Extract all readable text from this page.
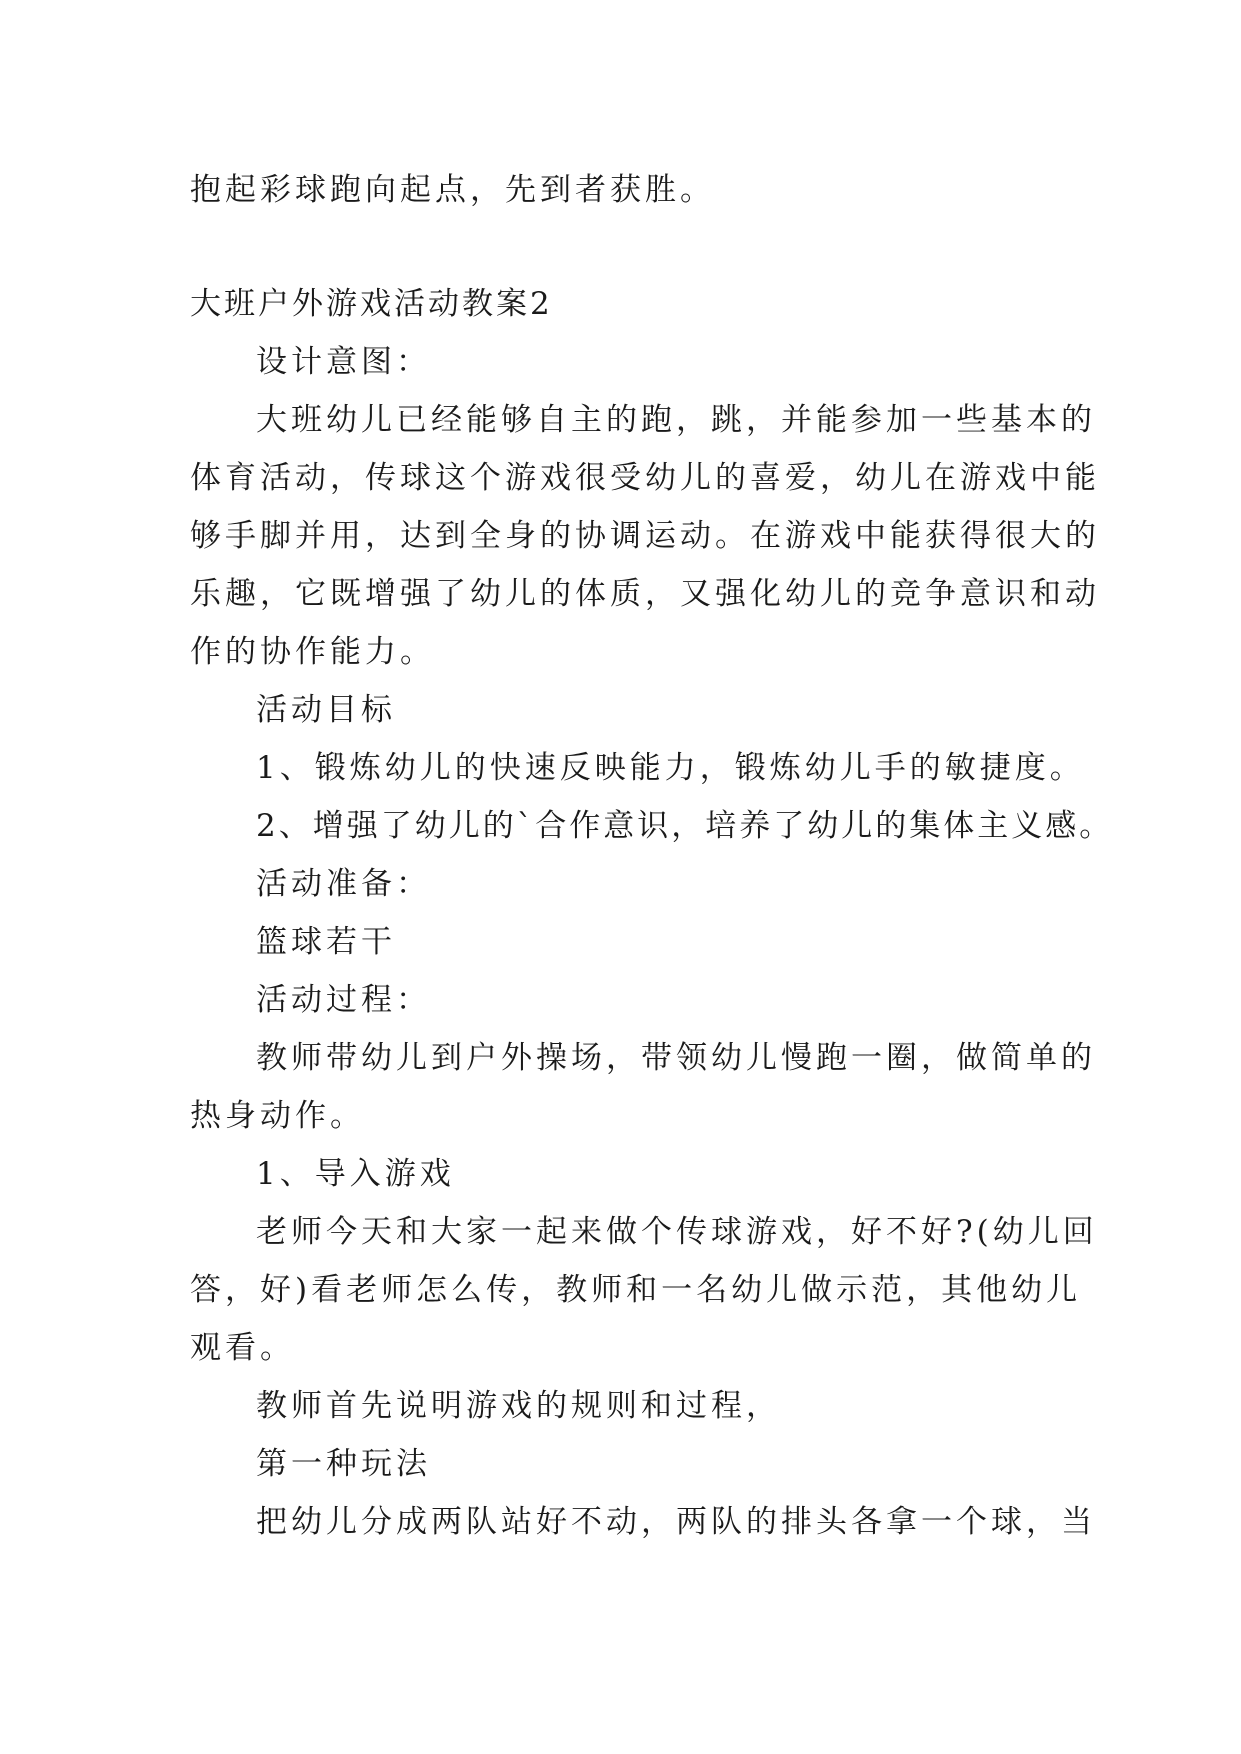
抱起彩球跑向起点，先到者获胜。
大班户外游戏活动教案2
设计意图：
大班幼儿已经能够自主的跑，跳，并能参加一些基本的
体育活动，传球这个游戏很受幼儿的喜爱，幼儿在游戏中能
够手脚并用，达到全身的协调运动。在游戏中能获得很大的
乐趣，它既增强了幼儿的体质，又强化幼儿的竞争意识和动
作的协作能力。
活动目标
1、锻炼幼儿的快速反映能力，锻炼幼儿手的敏捷度。
2、增强了幼儿的`合作意识，培养了幼儿的集体主义感。
活动准备：
篮球若干
活动过程：
教师带幼儿到户外操场，带领幼儿慢跑一圈，做简单的
热身动作。
1、导入游戏
老师今天和大家一起来做个传球游戏，好不好?(幼儿回
答，好)看老师怎么传，教师和一名幼儿做示范，其他幼儿
观看。
教师首先说明游戏的规则和过程，
第一种玩法
把幼儿分成两队站好不动，两队的排头各拿一个球，当
